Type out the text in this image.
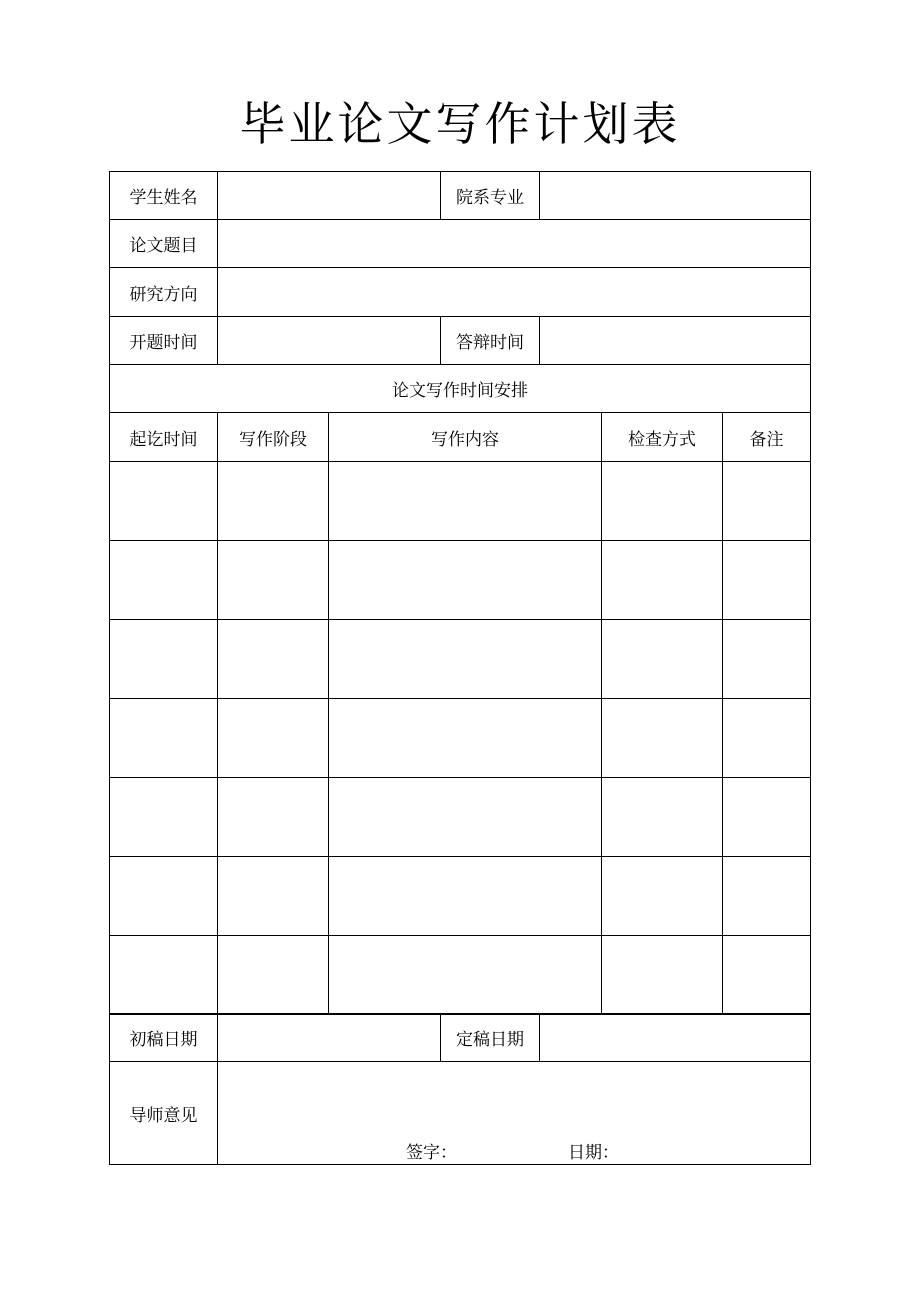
毕业论文写作计划表
学生姓名	院系专业
论文题目
研究方向
开题时间	答辩时间
论文写作时间安排
起讫时间	写作阶段	写作内容	检查方式	备注
初稿日期	定稿日期
导师意见
签字：	日期：
